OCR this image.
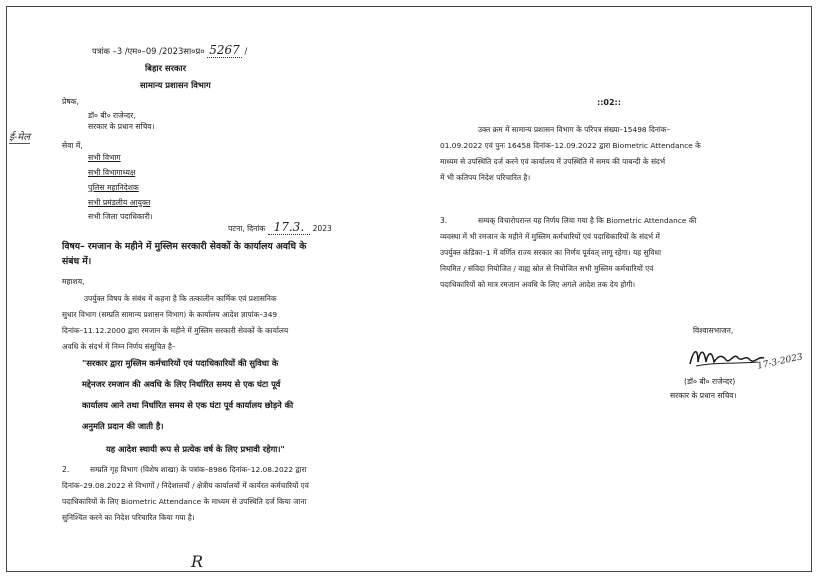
पत्रांक –3 /एम०–09 /2023सा०प्र० 5267 /
बिहार सरकार
सामान्य प्रशासन विभाग
प्रेषक,
डॉ० बी० राजेन्दर,
सरकार के प्रधान सचिव।
ई-मेल
सेवा में,
सभी विभाग
सभी विभागाध्यक्ष
पुलिस महानिदेशक
सभी प्रमंडलीय आयुक्त
सभी जिला पदाधिकारी।
पटना, दिनांक 17.3. 2023
विषय– रमजान के महीने में मुस्लिम सरकारी सेवकों के कार्यालय अवधि के
संबंध में।
महाशय,
उपर्युक्त विषय के संबंध में कहना है कि तत्कालीन कार्मिक एवं प्रशासनिक
सुधार विभाग (सम्प्रति सामान्य प्रशासन विभाग) के कार्यालय आदेश ज्ञापांक–349
दिनांक–11.12.2000 द्वारा रमजान के महीने में मुस्लिम सरकारी सेवकों के कार्यालय
अवधि के संदर्भ में निम्न निर्णय संसूचित है–
"सरकार द्वारा मुस्लिम कर्मचारियों एवं पदाधिकारियों की सुविधा के
मद्देनजर रमजान की अवधि के लिए निर्धारित समय से एक घंटा पूर्व
कार्यालय आने तथा निर्धारित समय से एक घंटा पूर्व कार्यालय छोड़ने की
अनुमति प्रदान की जाती है।
यह आदेश स्थायी रूप से प्रत्येक वर्ष के लिए प्रभावी रहेगा।"
2.	सम्प्रति गृह विभाग (विशेष शाखा) के पत्रांक–8986 दिनांक–12.08.2022 द्वारा
दिनांक–29.08.2022 से विभागों / निदेशालयों / क्षेत्रीय कार्यालयों में कार्यरत कर्मचारियों एवं
पदाधिकारियों के लिए Biometric Attendance के माध्यम से उपस्थिति दर्ज किया जाना
सुनिश्चित करने का निदेश परिचारित किया गया है।
R
::02::
उक्त क्रम में सामान्य प्रशासन विभाग के परिपत्र संख्या–15498 दिनांक–
01.09.2022 एवं पुनः 16458 दिनांक–12.09.2022 द्वारा Biometric Attendance के
माध्यम से उपस्थिति दर्ज करने एवं कार्यालय में उपस्थिति में समय की पाबन्दी के संदर्भ
में भी कतिपय निदेश परिचारित है।
3.	सम्यक् विचारोपरान्त यह निर्णय लिया गया है कि Biometric Attendance की
व्यवस्था में भी रमजान के महीने में मुस्लिम कर्मचारियों एवं पदाधिकारियों के संदर्भ में
उपर्युक्त कंडिका–1 में वर्णित राज्य सरकार का निर्णय पूर्ववत् लागू रहेगा। यह सुविधा
नियमित / संविदा नियोजित / वाह्य स्रोत से नियोजित सभी मुस्लिम कर्मचारियों एवं
पदाधिकारियों को मात्र रमजान अवधि के लिए अगले आदेश तक देय होगी।
विश्वासभाजन,
17-3-2023
(डॉ० बी० राजेन्दर)
सरकार के प्रधान सचिव।
